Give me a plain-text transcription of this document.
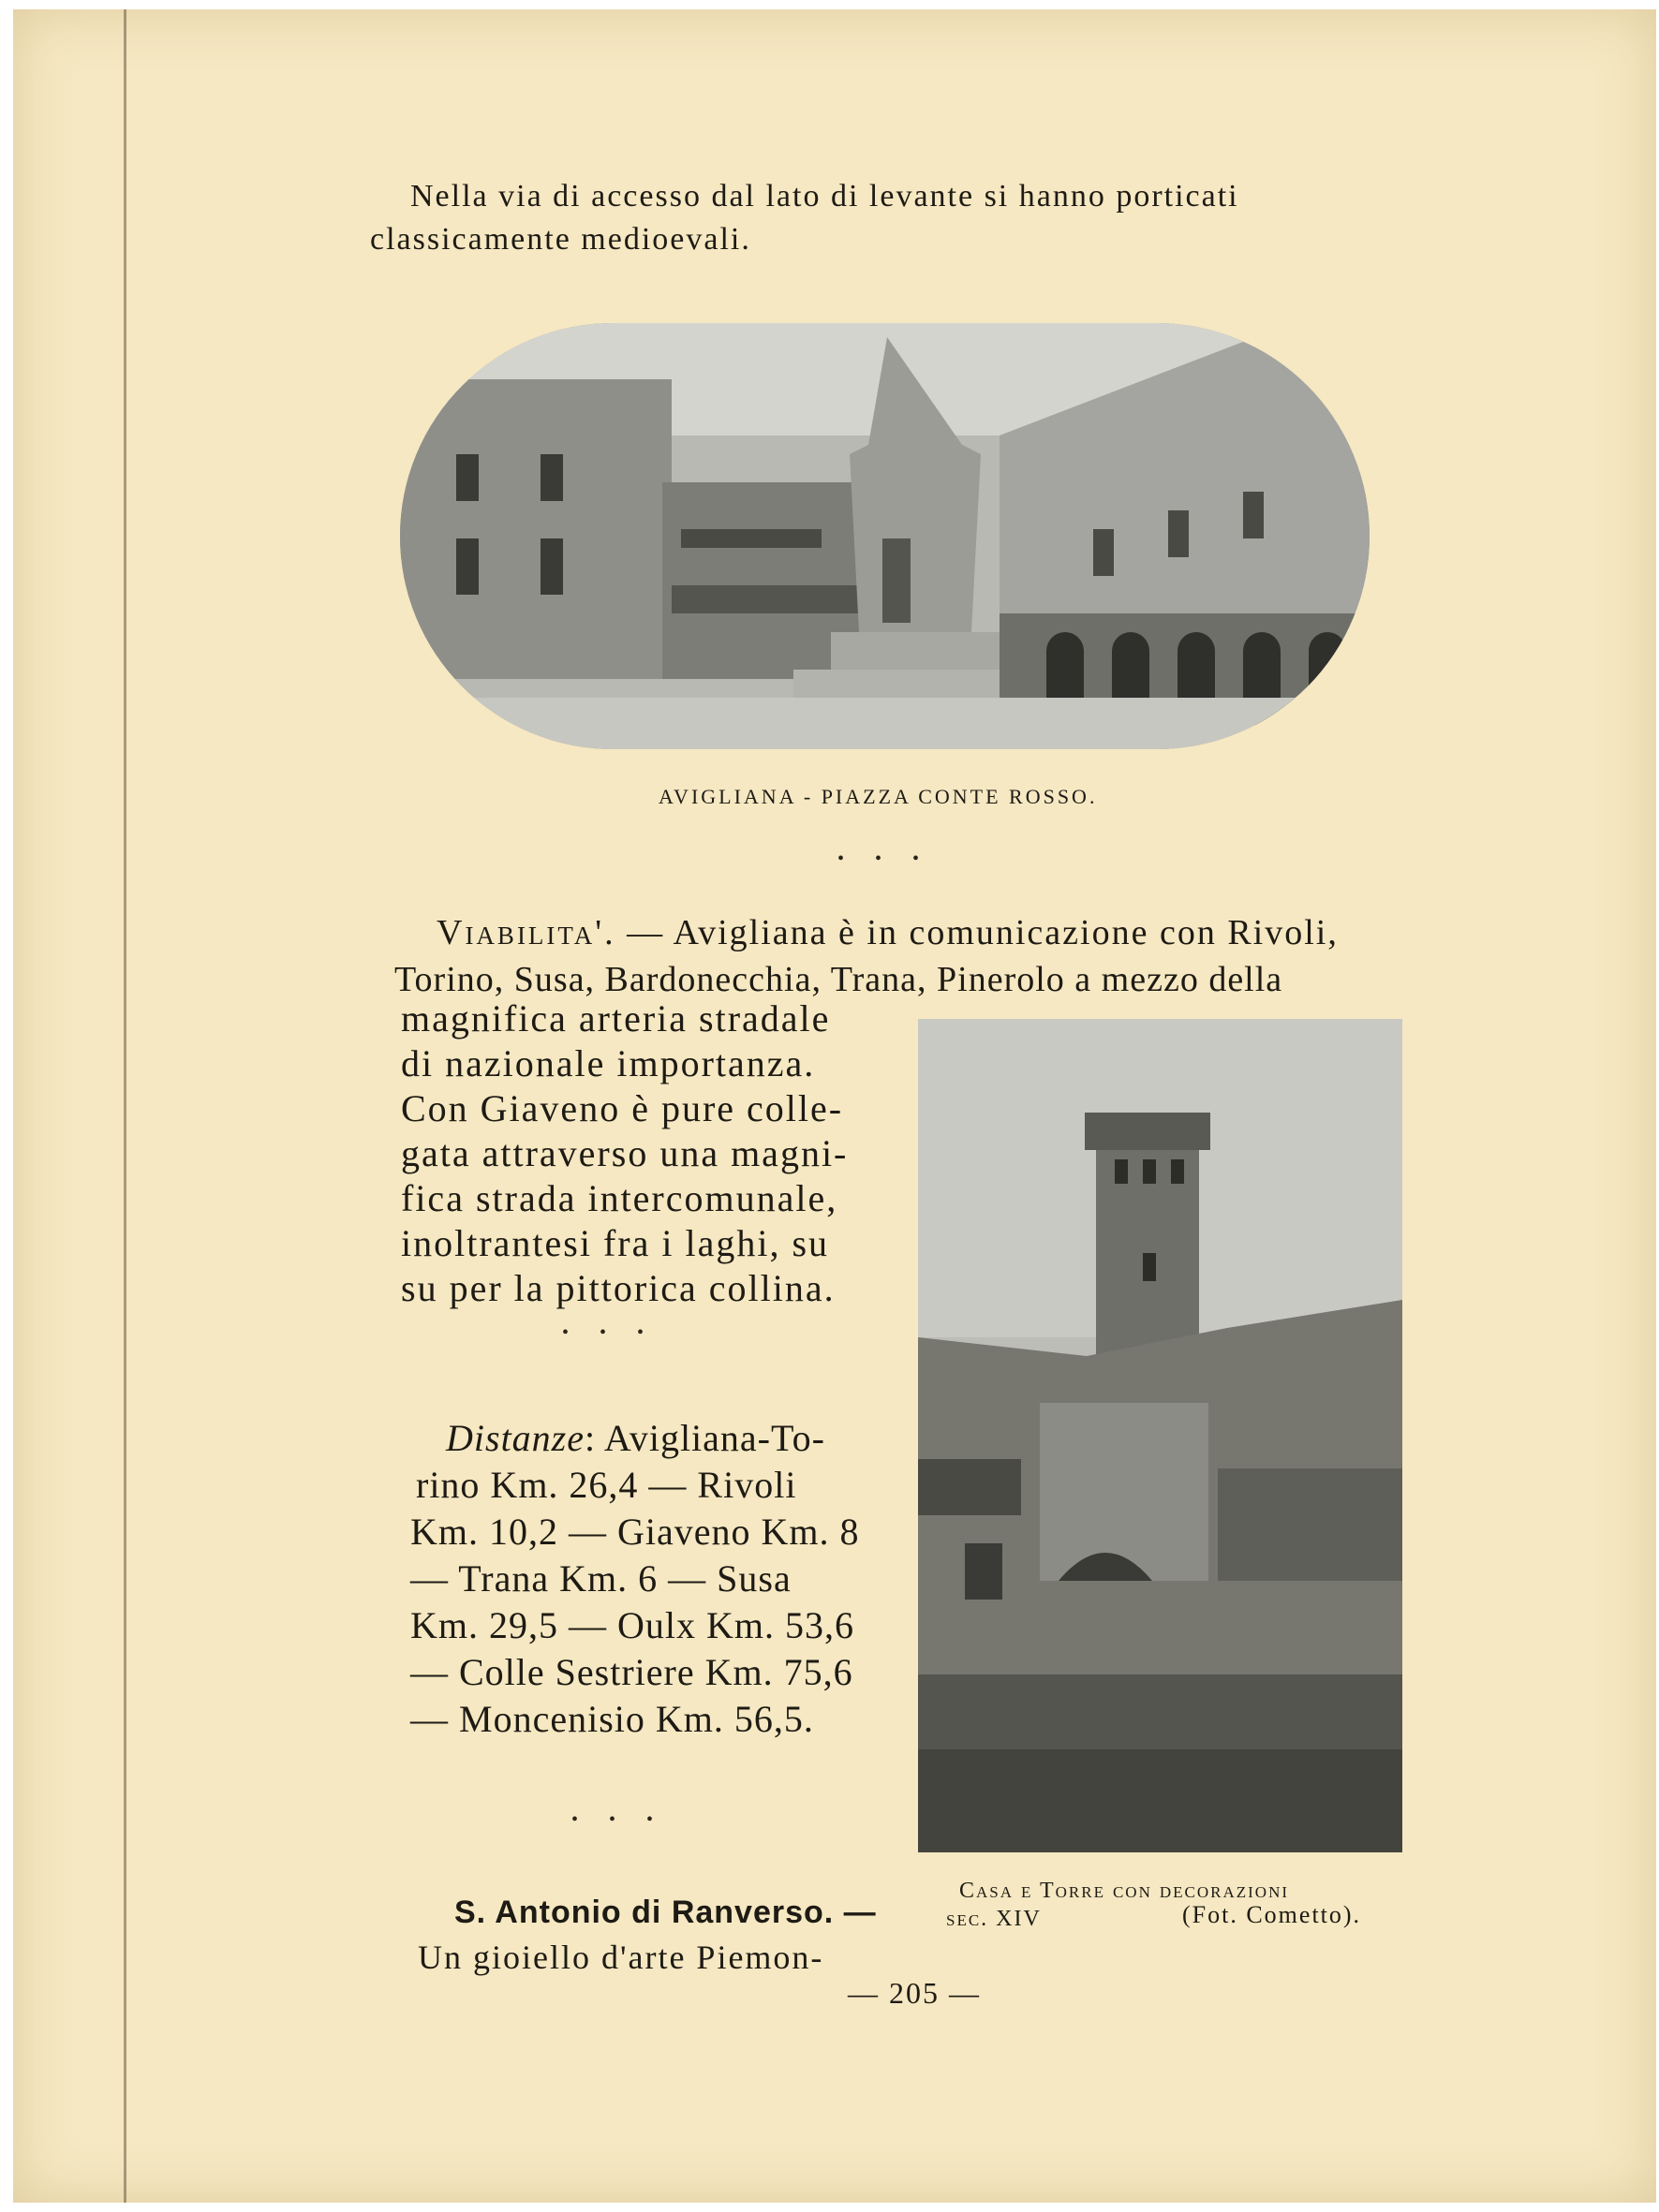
Nella via di accesso dal lato di levante si hanno porticati
classicamente medioevali.
AVIGLIANA - PIAZZA CONTE ROSSO.
• • •
Viabilita'. — Avigliana è in comunicazione con Rivoli,
Torino, Susa, Bardonecchia, Trana, Pinerolo a mezzo della
magnifica arteria stradale
di nazionale importanza.
Con Giaveno è pure colle-
gata attraverso una magni-
fica strada intercomunale,
inoltrantesi fra i laghi, su
su per la pittorica collina.
• • •
Distanze: Avigliana-To-
rino Km. 26,4 — Rivoli
Km. 10,2 — Giaveno Km. 8
— Trana Km. 6 — Susa
Km. 29,5 — Oulx Km. 53,6
— Colle Sestriere Km. 75,6
— Moncenisio Km. 56,5.
• • •
Casa e Torre con decorazioni
sec. XIV	(Fot. Cometto).
S. Antonio di Ranverso. —
Un gioiello d'arte Piemon-
— 205 —
